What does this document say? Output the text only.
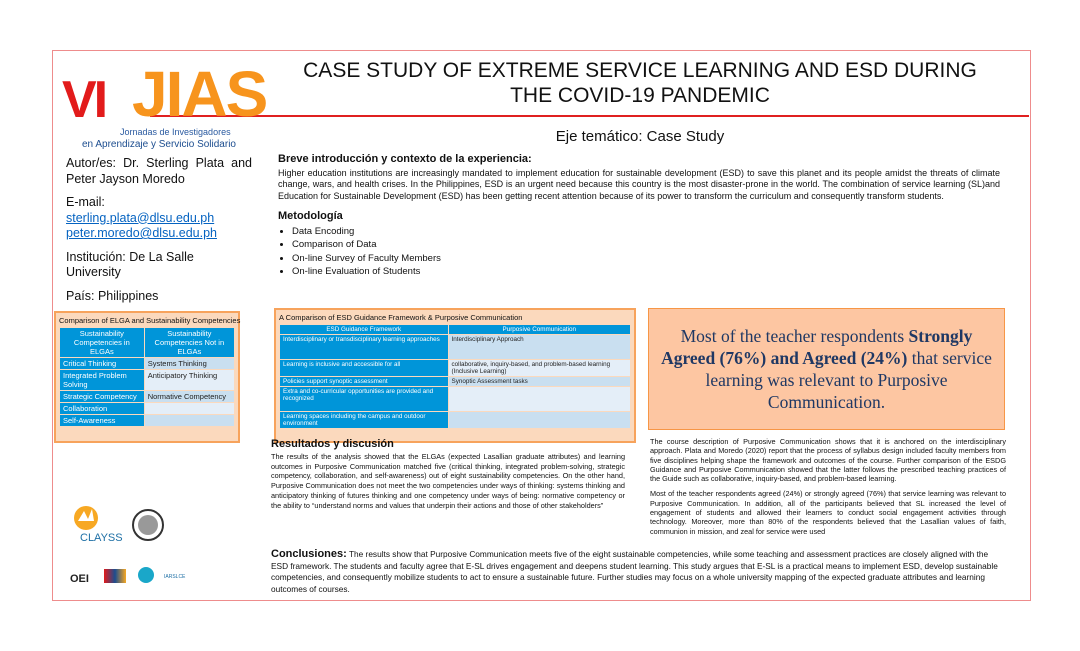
VI JIAS
Jornadas de Investigadores
en Aprendizaje y Servicio Solidario
CASE STUDY OF EXTREME SERVICE LEARNING AND ESD DURING THE COVID-19 PANDEMIC
Eje temático: Case Study

Autor/es: Dr. Sterling Plata and Peter Jayson Moredo

E-mail:
sterling.plata@dlsu.edu.ph
peter.moredo@dlsu.edu.ph

Institución: De La Salle University

País: Philippines

Breve introducción y contexto de la experiencia:
Higher education institutions are increasingly mandated to implement education for sustainable development (ESD) to save this planet and its people amidst the threats of climate change, wars, and health crises. In the Philippines, ESD is an urgent need because this country is the most disaster-prone in the world. The combination of service learning (SL)and Education for Sustainable Development (ESD) has been getting recent attention because of its power to transform the curriculum and consequently transform students.
Metodología
• Data Encoding
• Comparison of Data
• On-line Survey of Faculty Members
• On-line Evaluation of Students
Comparison of ELGA and Sustainability Competencies
Sustainability Competencies in ELGAs	Sustainability Competencies Not in ELGAs
Critical Thinking	Systems Thinking
Integrated Problem Solving	Anticipatory Thinking
Strategic Competency	Normative Competency
Collaboration	
Self-Awareness	
A Comparison of ESD Guidance Framework & Purposive Communication
ESD Guidance Framework	Purposive Communication
Interdisciplinary or transdisciplinary learning approaches	Interdisciplinary Approach
Learning is inclusive and accessible for all	collaborative, inquiry-based, and problem-based learning (Inclusive Learning)
Policies support synoptic assessment	Synoptic Assessment tasks
Extra and co-curricular opportunities are provided and recognized	
Learning spaces including the campus and outdoor environment	
Most of the teacher respondents Strongly Agreed (76%) and Agreed (24%) that service learning was relevant to Purposive Communication.
Resultados y discusión
The results of the analysis showed that the ELGAs (expected Lasallian graduate attributes) and learning outcomes in Purposive Communication matched five (critical thinking, integrated problem-solving, strategic competency, collaboration, and self-awareness) out of eight sustainability competencies. On the other hand, Purposive Communication does not meet the two competencies under ways of thinking: systems thinking and anticipatory thinking of futures thinking and one competency under ways of being: normative competency or the ability to “understand norms and values that underpin their actions and those of other stakeholders”

The course description of Purposive Communication shows that it is anchored on the interdisciplinary approach. Plata and Moredo (2020) report that the process of syllabus design included faculty members from five disciplines helping shape the framework and outcomes of the course. Further comparison of the ESDG Guidance and Purposive Communication showed that the latter follows the prescribed teaching practices of the Guide such as collaborative, inquiry-based, and problem-based learning.

Most of the teacher respondents agreed (24%) or strongly agreed (76%) that service learning was relevant to Purposive Communication. In addition, all of the participants believed that SL increased the level of engagement of students and allowed their learners to conduct social engagement activities through technology. Moreover, more than 80% of the respondents believed that the Lasallian values of faith, communion in mission, and zeal for service were used

CLAYSS
OEI	IARSLCE
Conclusiones: The results show that Purposive Communication meets five of the eight sustainable competencies, while some teaching and assessment practices are closely aligned with the ESD framework. The students and faculty agree that E-SL drives engagement and deepens student learning. This study argues that E-SL is a practical means to implement ESD, develop sustainable competencies, and consequently mobilize students to act to ensure a sustainable future. Further studies may focus on a whole university mapping of the expected graduate attributes and learning outcomes of courses.
